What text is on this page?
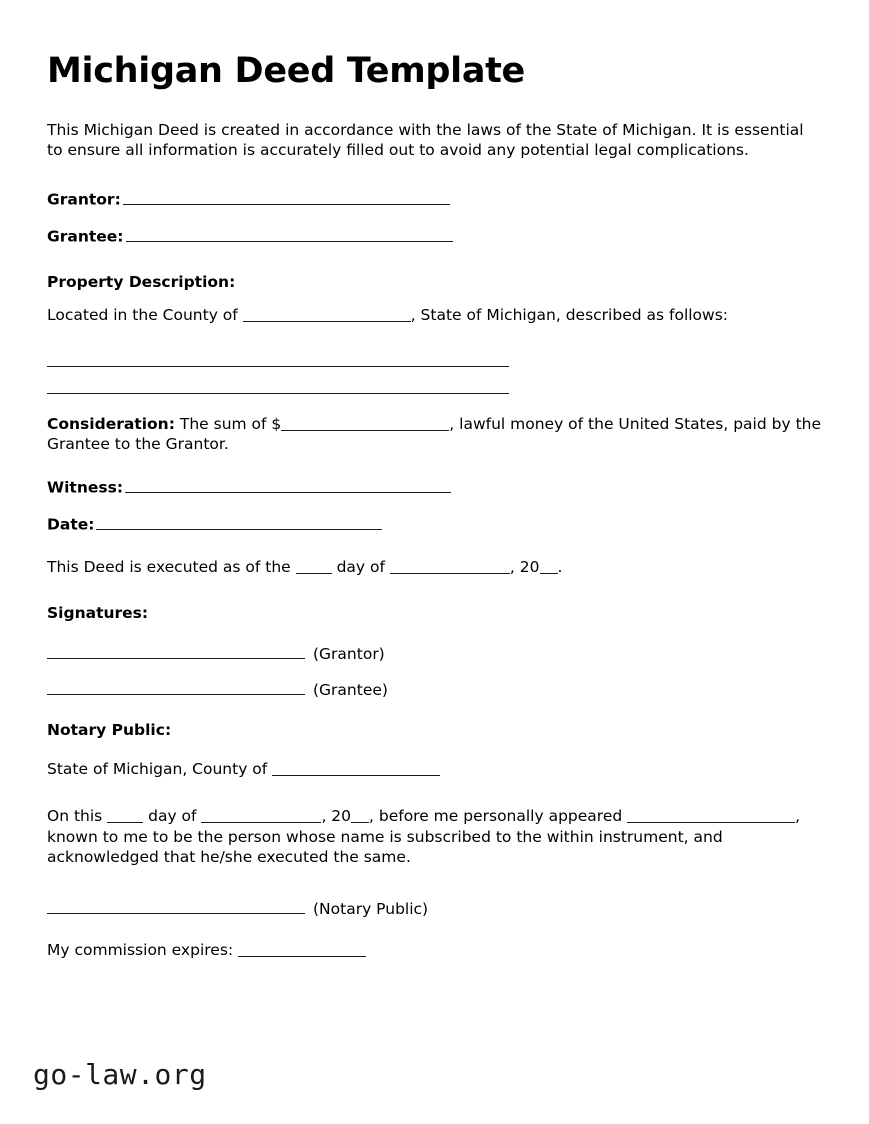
Michigan Deed Template

This Michigan Deed is created in accordance with the laws of the State of Michigan. It is essential to ensure all information is accurately filled out to avoid any potential legal complications.

Grantor:
Grantee:
Property Description:
Located in the County of	, State of Michigan, described as follows:
Consideration: The sum of $	, lawful money of the United States, paid by the Grantee to the Grantor.
Witness:
Date:
This Deed is executed as of the	day of	, 20 .
Signatures:
(Grantor)
(Grantee)
Notary Public:
State of Michigan, County of
On this	day of	, 20 , before me personally appeared	, known to me to be the person whose name is subscribed to the within instrument, and acknowledged that he/she executed the same.
(Notary Public)
My commission expires:
go-law.org
